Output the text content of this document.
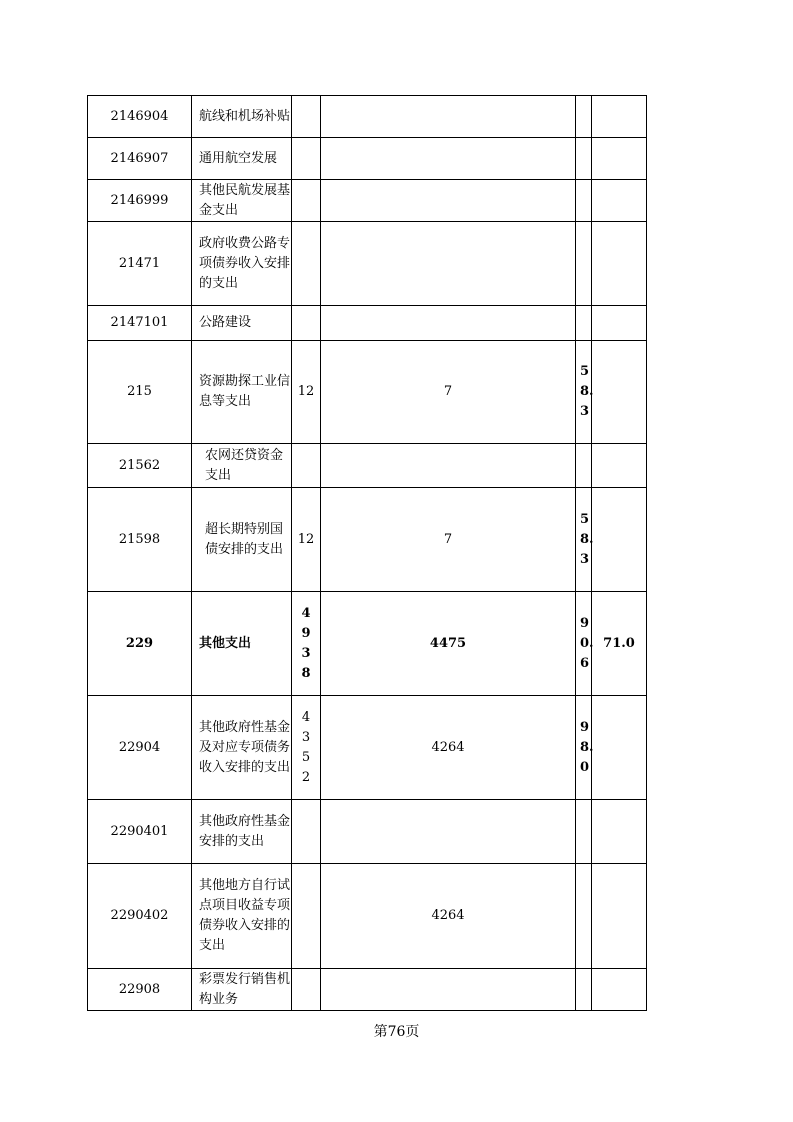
2146904	航线和机场补贴				

2146907	通用航空发展				

2146999	其他民航发展基金支出				

21471	政府收费公路专项债券收入安排的支出				

2147101	公路建设				

215	资源勘探工业信息等支出	12	7	58.3	

21562	农网还贷资金支出				

21598	超长期特别国债安排的支出	12	7	58.3	

229	其他支出	4938	4475	90.6	71.0
22904	其他政府性基金及对应专项债务收入安排的支出	4352	4264	98.0	

2290401	其他政府性基金安排的支出				

2290402	其他地方自行试点项目收益专项债券收入安排的支出		4264		
22908	彩票发行销售机构业务				

第76页
